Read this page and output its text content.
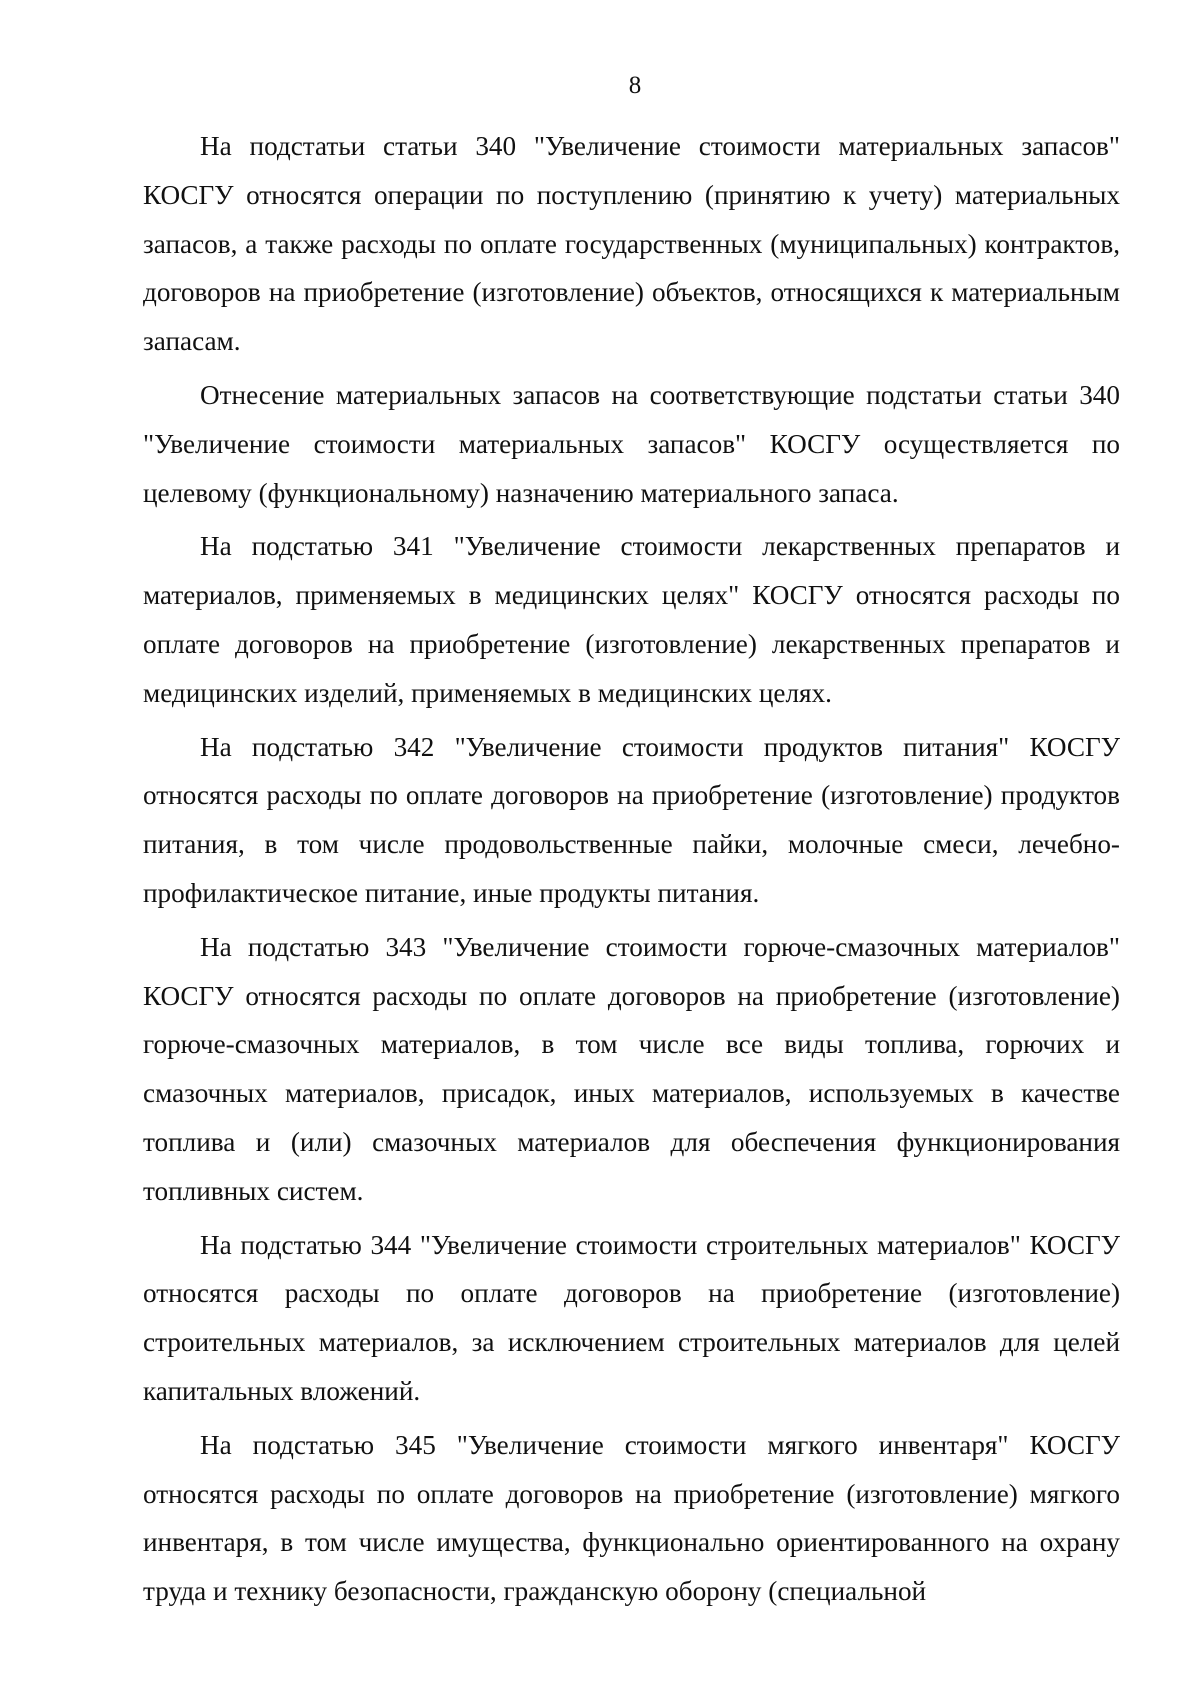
8

На подстатьи статьи 340 "Увеличение стоимости материальных запасов" КОСГУ относятся операции по поступлению (принятию к учету) материальных запасов, а также расходы по оплате государственных (муниципальных) контрактов, договоров на приобретение (изготовление) объектов, относящихся к материальным запасам.

Отнесение материальных запасов на соответствующие подстатьи статьи 340 "Увеличение стоимости материальных запасов" КОСГУ осуществляется по целевому (функциональному) назначению материального запаса.

На подстатью 341 "Увеличение стоимости лекарственных препаратов и материалов, применяемых в медицинских целях" КОСГУ относятся расходы по оплате договоров на приобретение (изготовление) лекарственных препаратов и медицинских изделий, применяемых в медицинских целях.

На подстатью 342 "Увеличение стоимости продуктов питания" КОСГУ относятся расходы по оплате договоров на приобретение (изготовление) продуктов питания, в том числе продовольственные пайки, молочные смеси, лечебно-профилактическое питание, иные продукты питания.

На подстатью 343 "Увеличение стоимости горюче-смазочных материалов" КОСГУ относятся расходы по оплате договоров на приобретение (изготовление) горюче-смазочных материалов, в том числе все виды топлива, горючих и смазочных материалов, присадок, иных материалов, используемых в качестве топлива и (или) смазочных материалов для обеспечения функционирования топливных систем.

На подстатью 344 "Увеличение стоимости строительных материалов" КОСГУ относятся расходы по оплате договоров на приобретение (изготовление) строительных материалов, за исключением строительных материалов для целей капитальных вложений.

На подстатью 345 "Увеличение стоимости мягкого инвентаря" КОСГУ относятся расходы по оплате договоров на приобретение (изготовление) мягкого инвентаря, в том числе имущества, функционально ориентированного на охрану труда и технику безопасности, гражданскую оборону (специальной
